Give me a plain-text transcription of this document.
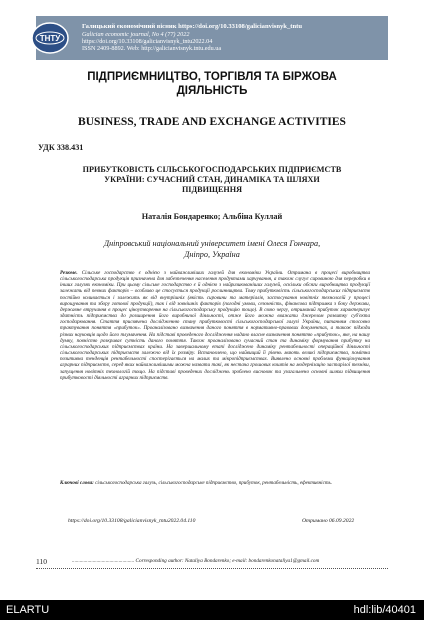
ТНТУ
Галицький економічний вісник https://doi.org/10.33108/galicianvisnyk_tntu
Galician economic journal, No 4 (77) 2022
https://doi.org/10.33108/galicianvisnyk_tntu2022.04
ISSN 2409-8892. Web: http://galicianvisnyk.tntu.edu.ua
ПІДПРИЄМНИЦТВО, ТОРГІВЛЯ ТА БІРЖОВА
ДІЯЛЬНІСТЬ
BUSINESS, TRADE AND EXCHANGE ACTIVITIES
УДК 338.431
ПРИБУТКОВІСТЬ СІЛЬСЬКОГОСПОДАРСЬКИХ ПІДПРИЄМСТВ
УКРАЇНИ: СУЧАСНИЙ СТАН, ДИНАМІКА ТА ШЛЯХИ
ПІДВИЩЕННЯ
Наталія Бондаренко; Альбіна Куллай
Дніпровський національний університет імені Олеся Гончара,
Дніпро, Україна
Резюме. Сільське господарство є однією з найважливіших галузей для економіки України. Отримана в процесі виробництва сільськогосподарська продукція призначена для забезпечення населення продуктами харчування, а також слугує сировиною для переробки в інших галузях економіки. При цьому сільське господарство є й однією з найризикованіших галузей, оскільки обсяги виробництва продукції залежать від певних факторів – особливо це стосується продукції рослинництва. Тому прибутковість сільськогосподарських підприємств постійно коливається і залежить як від внутрішніх (якість сировини та матеріалів, застосування новітніх технологій у процесі вирощування та збору готової продукції), так і від зовнішніх факторів (погодні умови, сезонність, фінансова підтримка з боку держави, державне втручання в процес ціноутворення на сільськогосподарську продукцію тощо). В свою чергу, отриманий прибуток характеризує здатність підприємства до розширення його виробничої діяльності, отже його можна вважати джерелом розвитку суб'єкта господарювання. Стаття присвячена дослідженню стану прибутковості сільськогосподарської галузі України, питанням стосовно трактування поняття «прибуток». Проаналізовано визначення даного поняття в нормативно-правових документах, а також підходи різних науковців щодо його тлумачення. На підставі проведеного дослідження надано власне визначення поняттю «прибуток», яке, на нашу думку, повністю розкриває сутність даного поняття. Також проаналізовано сучасний стан та динаміку формування прибутку на сільськогосподарських підприємствах країни. На завершальному етапі досліджено динаміку рентабельності операційної діяльності сільськогосподарських підприємств залежно від їх розміру. Встановлено, що найвищий її рівень мають великі підприємства, помітна позитивна тенденція рентабельності спостерігається на малих та мікропідприємствах. Виявлено основні проблеми функціонування аграрних підприємств, серед яких найважливішими можна назвати такі, як нестача грошових коштів на модернізацію застарілої техніки, запущення новітніх технологій тощо. На підставі проведених досліджень зроблено висновок та узагальнено основні шляхи підвищення прибутковості діяльності аграрних підприємств.
Ключові слова: сільськогосподарська галузь, сільськогосподарське підприємство, прибуток, рентабельність, ефективність.
https://doi.org/10.33108/galicianvisnyk_tntu2022.04.110	Отримано 06.09.2022
110	................................................ Corresponding author: Nataliya Bondarenko; e-mail: bondarenkonataliya1@gmail.com
ELARTU	hdl:lib/40401
